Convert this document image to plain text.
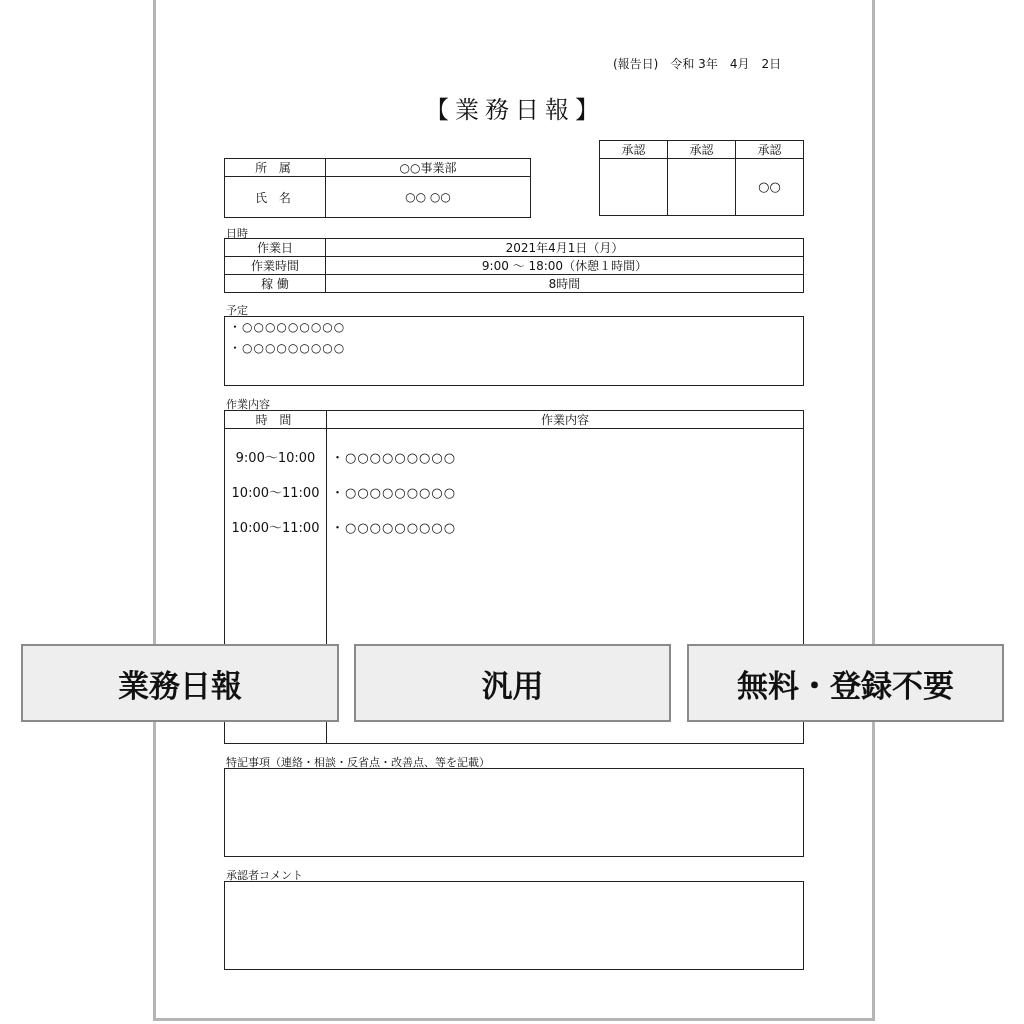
(報告日)　令和 3年　4月　2日
【業務日報】
所 属	○○事業部
氏 名	○○ ○○
承認	承認	承認
		○○
日時
作業日	2021年4月1日（月）
作業時間	9:00 ～ 18:00（休憩１時間）
稼 働	8時間
予定
・○○○○○○○○○
・○○○○○○○○○
作業内容
時 間	作業内容
9:00～10:00	・○○○○○○○○○
10:00～11:00 ・○○○○○○○○○
10:00～11:00 ・○○○○○○○○○
特記事項（連絡・相談・反省点・改善点、等を記載）
承認者コメント
業務日報	汎用	無料・登録不要
